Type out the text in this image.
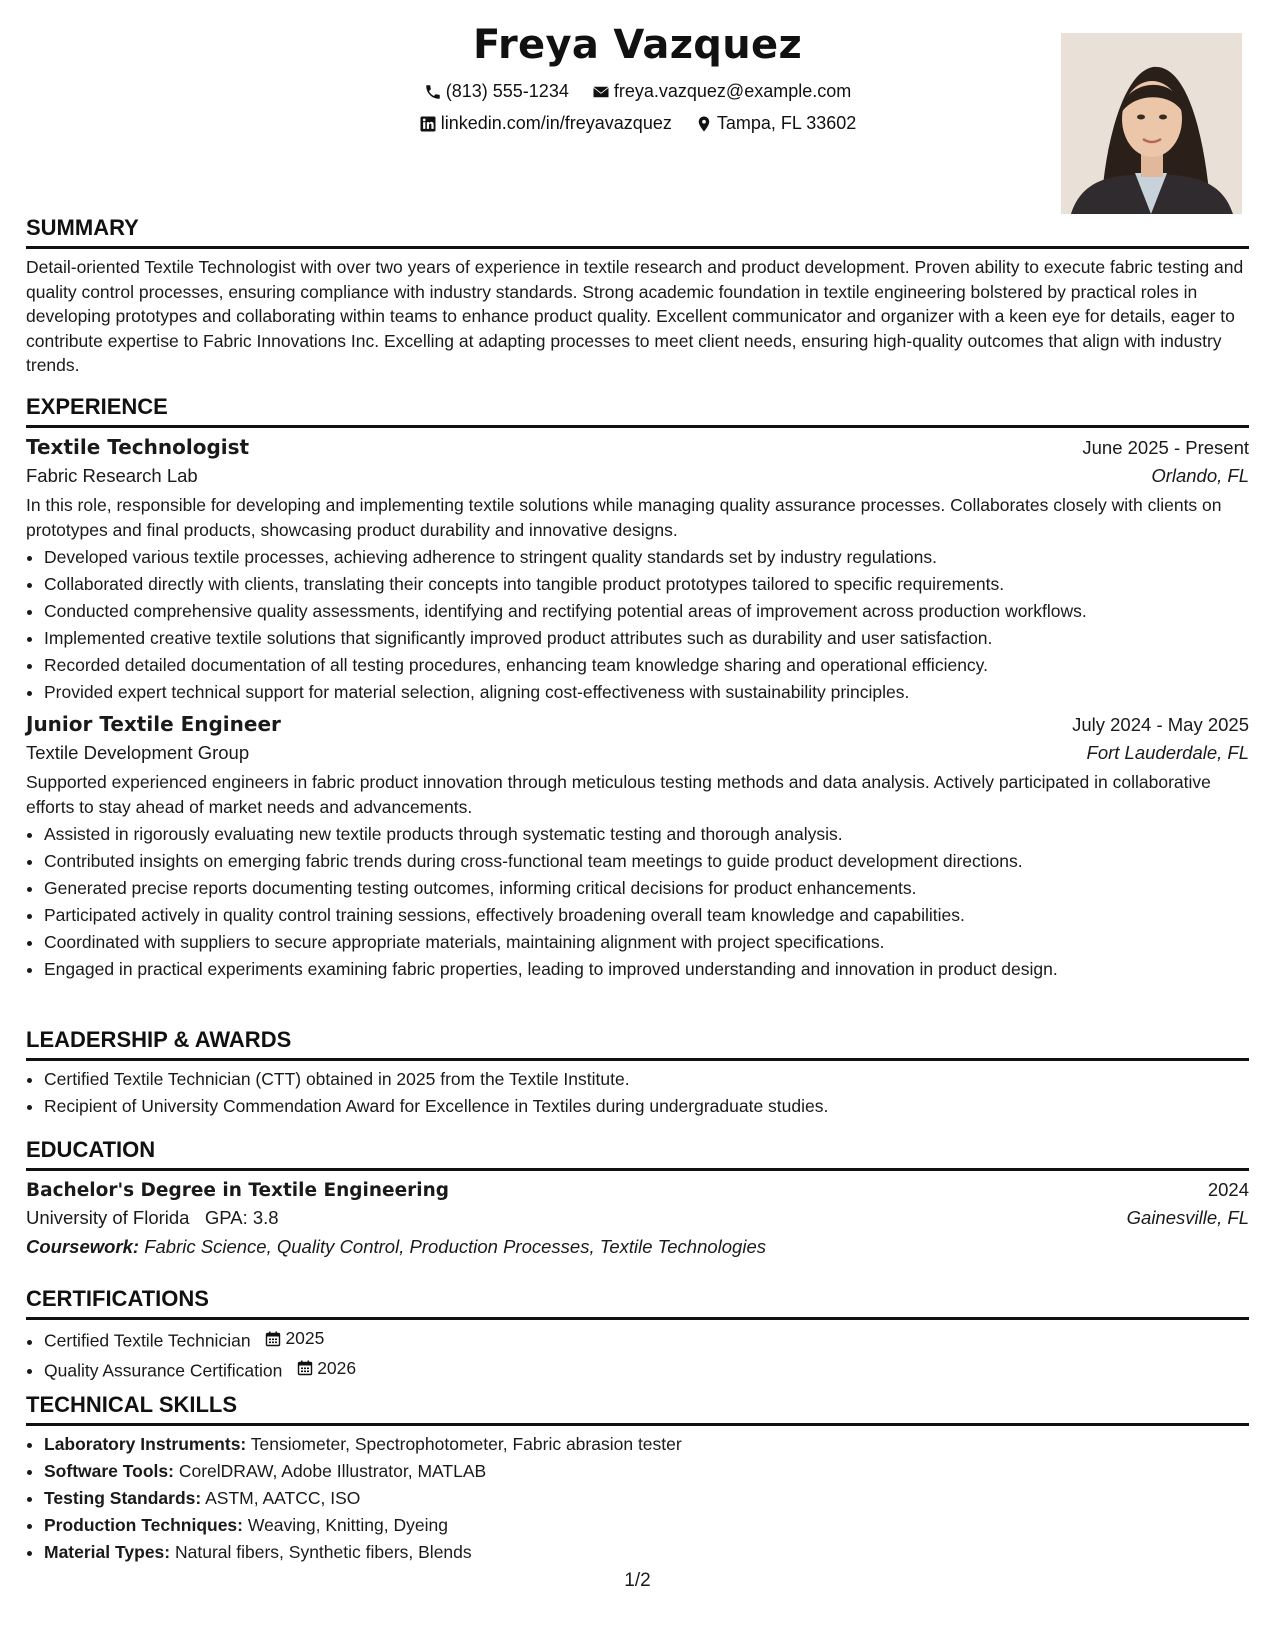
Freya Vazquez
(813) 555-1234
	freya.vazquez@example.com
linkedin.com/in/freyavazquez
	Tampa, FL 33602
SUMMARY

Detail-oriented Textile Technologist with over two years of experience in textile research and product development. Proven ability to execute fabric testing and quality control processes, ensuring compliance with industry standards. Strong academic foundation in textile engineering bolstered by practical roles in developing prototypes and collaborating within teams to enhance product quality. Excellent communicator and organizer with a keen eye for details, eager to contribute expertise to Fabric Innovations Inc. Excelling at adapting processes to meet client needs, ensuring high-quality outcomes that align with industry trends.

EXPERIENCE
Textile Technologist	June 2025 - Present
Fabric Research Lab	Orlando, FL

In this role, responsible for developing and implementing textile solutions while managing quality assurance processes. Collaborates closely with clients on prototypes and final products, showcasing product durability and innovative designs.

• Developed various textile processes, achieving adherence to stringent quality standards set by industry regulations.
• Collaborated directly with clients, translating their concepts into tangible product prototypes tailored to specific requirements.
• Conducted comprehensive quality assessments, identifying and rectifying potential areas of improvement across production workflows.
• Implemented creative textile solutions that significantly improved product attributes such as durability and user satisfaction.
• Recorded detailed documentation of all testing procedures, enhancing team knowledge sharing and operational efficiency.
• Provided expert technical support for material selection, aligning cost-effectiveness with sustainability principles.
Junior Textile Engineer	July 2024 - May 2025
Textile Development Group	Fort Lauderdale, FL

Supported experienced engineers in fabric product innovation through meticulous testing methods and data analysis. Actively participated in collaborative efforts to stay ahead of market needs and advancements.

• Assisted in rigorously evaluating new textile products through systematic testing and thorough analysis.
• Contributed insights on emerging fabric trends during cross-functional team meetings to guide product development directions.
• Generated precise reports documenting testing outcomes, informing critical decisions for product enhancements.
• Participated actively in quality control training sessions, effectively broadening overall team knowledge and capabilities.
• Coordinated with suppliers to secure appropriate materials, maintaining alignment with project specifications.
• Engaged in practical experiments examining fabric properties, leading to improved understanding and innovation in product design.
LEADERSHIP & AWARDS
• Certified Textile Technician (CTT) obtained in 2025 from the Textile Institute.
• Recipient of University Commendation Award for Excellence in Textiles during undergraduate studies.
EDUCATION
Bachelor's Degree in Textile Engineering	2024
University of Florida GPA: 3.8	Gainesville, FL
Coursework: Fabric Science, Quality Control, Production Processes, Textile Technologies
CERTIFICATIONS
• Certified Textile Technician 2025
• Quality Assurance Certification 2026
TECHNICAL SKILLS
• Laboratory Instruments: Tensiometer, Spectrophotometer, Fabric abrasion tester
• Software Tools: CorelDRAW, Adobe Illustrator, MATLAB
• Testing Standards: ASTM, AATCC, ISO
• Production Techniques: Weaving, Knitting, Dyeing
• Material Types: Natural fibers, Synthetic fibers, Blends
1/2
